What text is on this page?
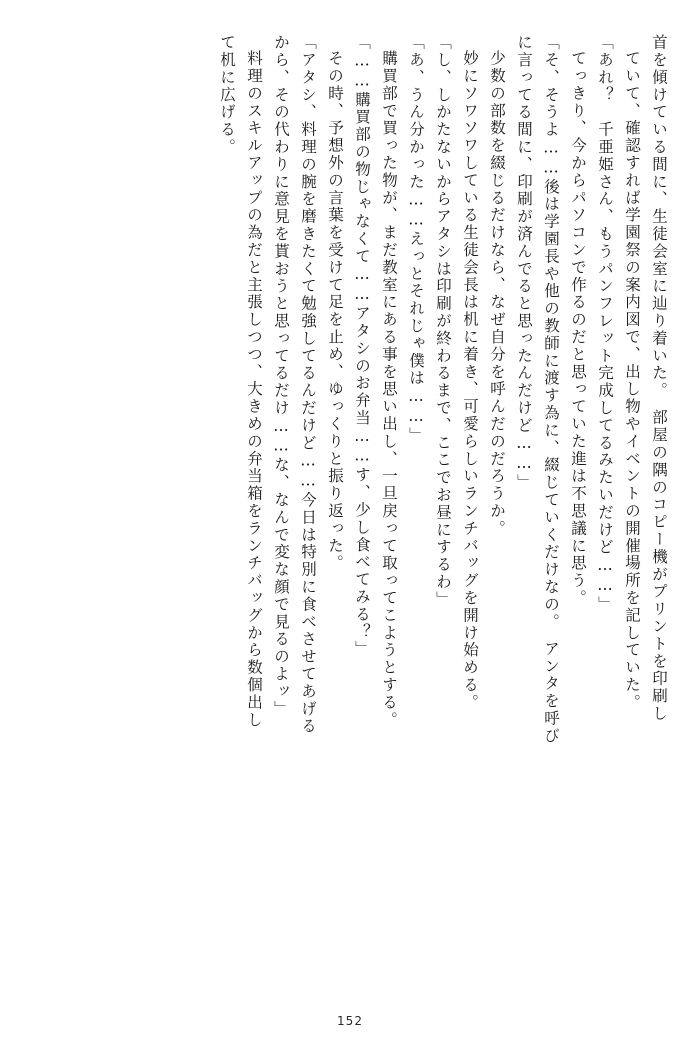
首を傾けている間に、生徒会室に辿り着いた。　部屋の隅のコピー機がプリントを印刷し
ていて、確認すれば学園祭の案内図で、出し物やイベントの開催場所を記していた。
「あれ？　千亜姫さん、もうパンフレット完成してるみたいだけど……」
てっきり、今からパソコンで作るのだと思っていた進は不思議に思う。
「そ、そうよ……後は学園長や他の教師に渡す為に、綴じていくだけなの。　アンタを呼び
に言ってる間に、印刷が済んでると思ったんだけど……」
少数の部数を綴じるだけなら、なぜ自分を呼んだのだろうか。
妙にソワソワしている生徒会長は机に着き、可愛らしいランチバッグを開け始める。
「し、しかたないからアタシは印刷が終わるまで、ここでお昼にするわ」
「あ、うん分かった……えっとそれじゃ僕は……」
購買部で買った物が、まだ教室にある事を思い出し、一旦戻って取ってこようとする。
「……購買部の物じゃなくて……アタシのお弁当……す、少し食べてみる？」
その時、予想外の言葉を受けて足を止め、ゆっくりと振り返った。
「アタシ、料理の腕を磨きたくて勉強してるんだけど……今日は特別に食べさせてあげる
から、その代わりに意見を貰おうと思ってるだけ……な、なんで変な顔で見るのよッ」
料理のスキルアップの為だと主張しつつ、大きめの弁当箱をランチバッグから数個出し
て机に広げる。
152
